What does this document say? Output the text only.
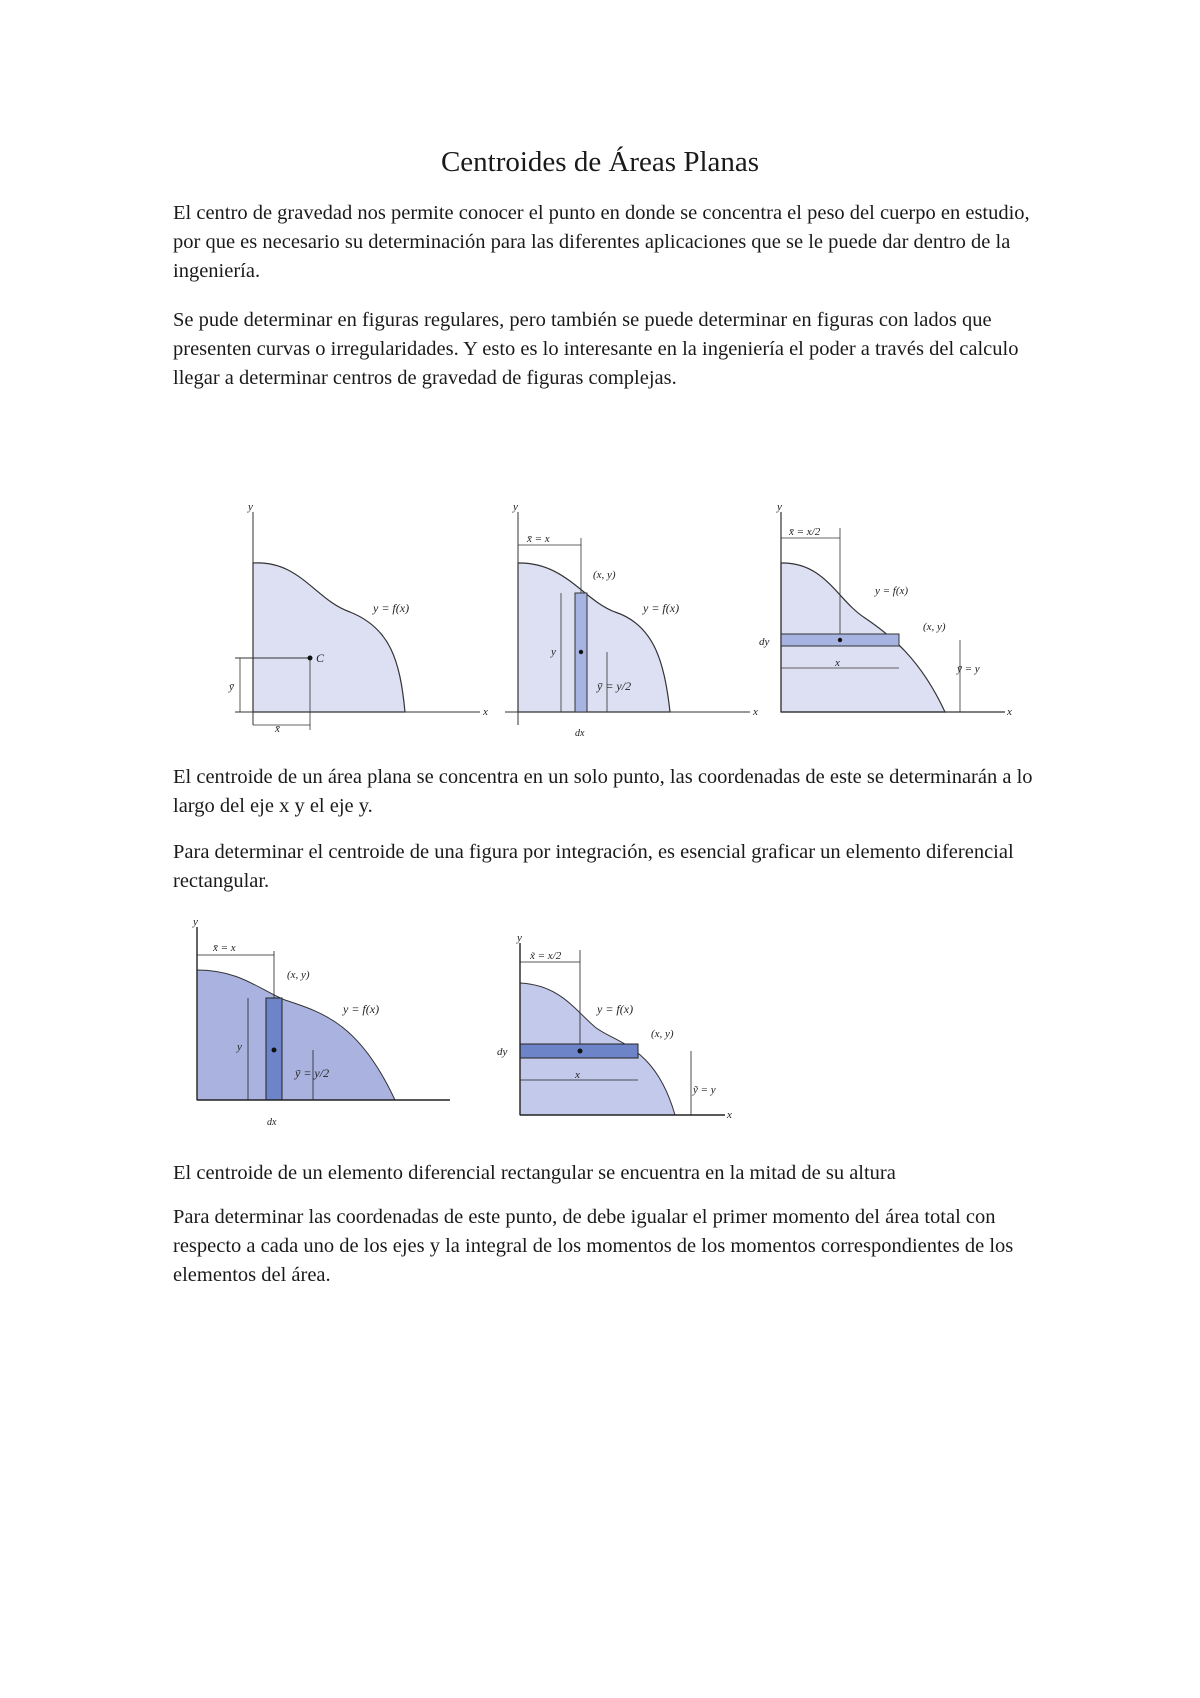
Centroides de Áreas Planas

El centro de gravedad nos permite conocer el punto en donde se concentra el peso del cuerpo en estudio, por que es necesario su determinación para las diferentes aplicaciones que se le puede dar dentro de la ingeniería.

Se pude determinar en figuras regulares, pero también se puede determinar en figuras con lados que presenten curvas o irregularidades. Y esto es lo interesante en la ingeniería el poder a través del calculo llegar a determinar centros de gravedad de figuras complejas.

y
x
y = f(x)
C
ȳ
x̄
y
x
x̄ = x
(x, y)
y = f(x)
y
ȳ = y/2
dx
y
x
x̄ = x/2
y = f(x)
(x, y)
dy
x	ȳ = y

El centroide de un área plana se concentra en un solo punto, las coordenadas de este se determinarán a lo largo del eje x y el eje y.

Para determinar el centroide de una figura por integración, es esencial graficar un elemento diferencial rectangular.

y
x̄ = x
(x, y)
y = f(x)
y
ȳ = y/2
dx
y
x
x̃ = x/2
y = f(x)
(x, y)
dy
x
ỹ = y

El centroide de un elemento diferencial rectangular se encuentra en la mitad de su altura

Para determinar las coordenadas de este punto, de debe igualar el primer momento del área total con respecto a cada uno de los ejes y la integral de los momentos de los momentos correspondientes de los elementos del área.
